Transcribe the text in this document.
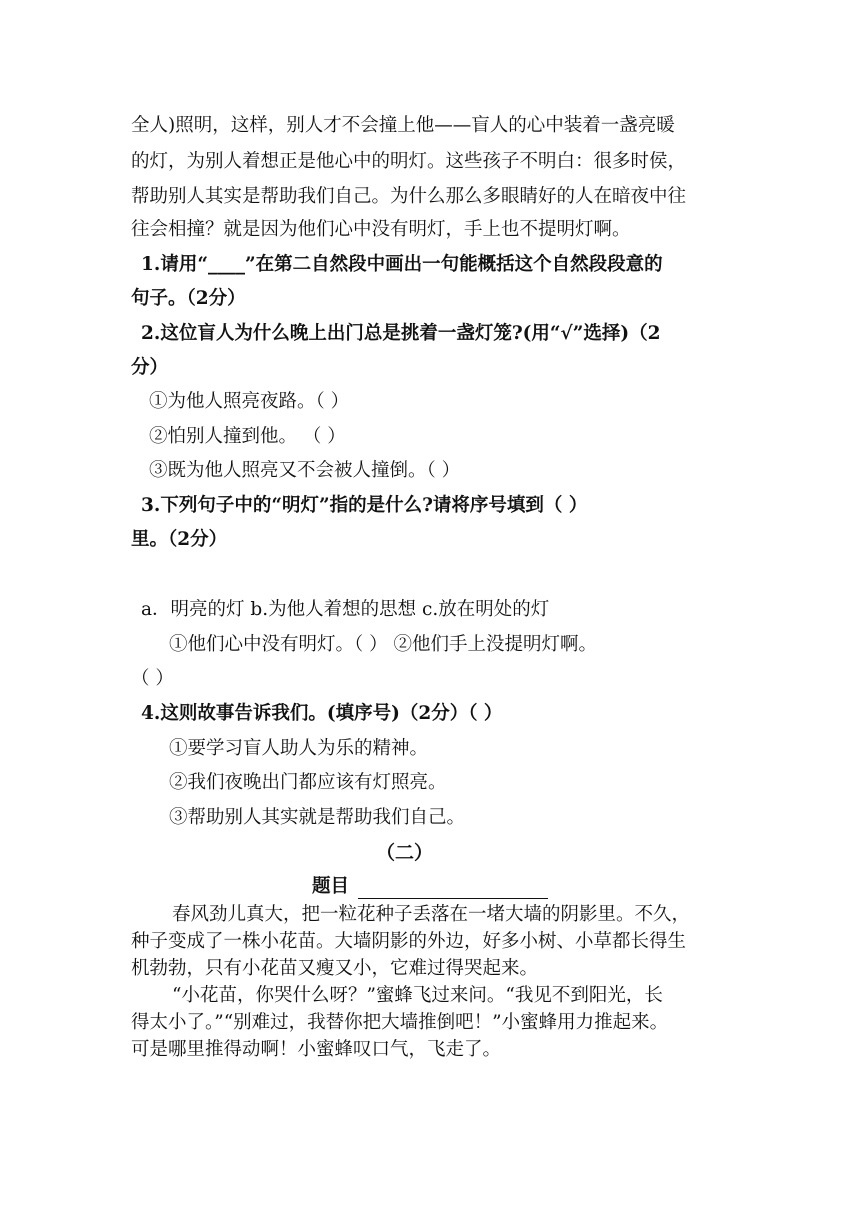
全人)照明，这样，别人才不会撞上他——盲人的心中装着一盏亮暖
的灯，为别人着想正是他心中的明灯。这些孩子不明白：很多时侯，
帮助别人其实是帮助我们自己。为什么那么多眼睛好的人在暗夜中往
往会相撞？就是因为他们心中没有明灯，手上也不提明灯啊。
1.请用“____”在第二自然段中画出一句能概括这个自然段段意的
句子。（2分）
2.这位盲人为什么晚上出门总是挑着一盏灯笼?(用“√”选择)（2
分）
①为他人照亮夜路。（ ）
②怕别人撞到他。 （ ）
③既为他人照亮又不会被人撞倒。（ ）
3.下列句子中的“明灯”指的是什么?请将序号填到（ ）
里。（2分）
a．明亮的灯 b.为他人着想的思想 c.放在明处的灯
①他们心中没有明灯。（ ） ②他们手上没提明灯啊。
（ ）
4.这则故事告诉我们。(填序号)（2分）（ ）
①要学习盲人助人为乐的精神。
②我们夜晚出门都应该有灯照亮。
③帮助别人其实就是帮助我们自己。
（二）
题目
春风劲儿真大，把一粒花种子丢落在一堵大墙的阴影里。不久，
种子变成了一株小花苗。大墙阴影的外边，好多小树、小草都长得生
机勃勃，只有小花苗又瘦又小，它难过得哭起来。
“小花苗，你哭什么呀？”蜜蜂飞过来问。“我见不到阳光，长
得太小了。”“别难过，我替你把大墙推倒吧！”小蜜蜂用力推起来。
可是哪里推得动啊！小蜜蜂叹口气，飞走了。
